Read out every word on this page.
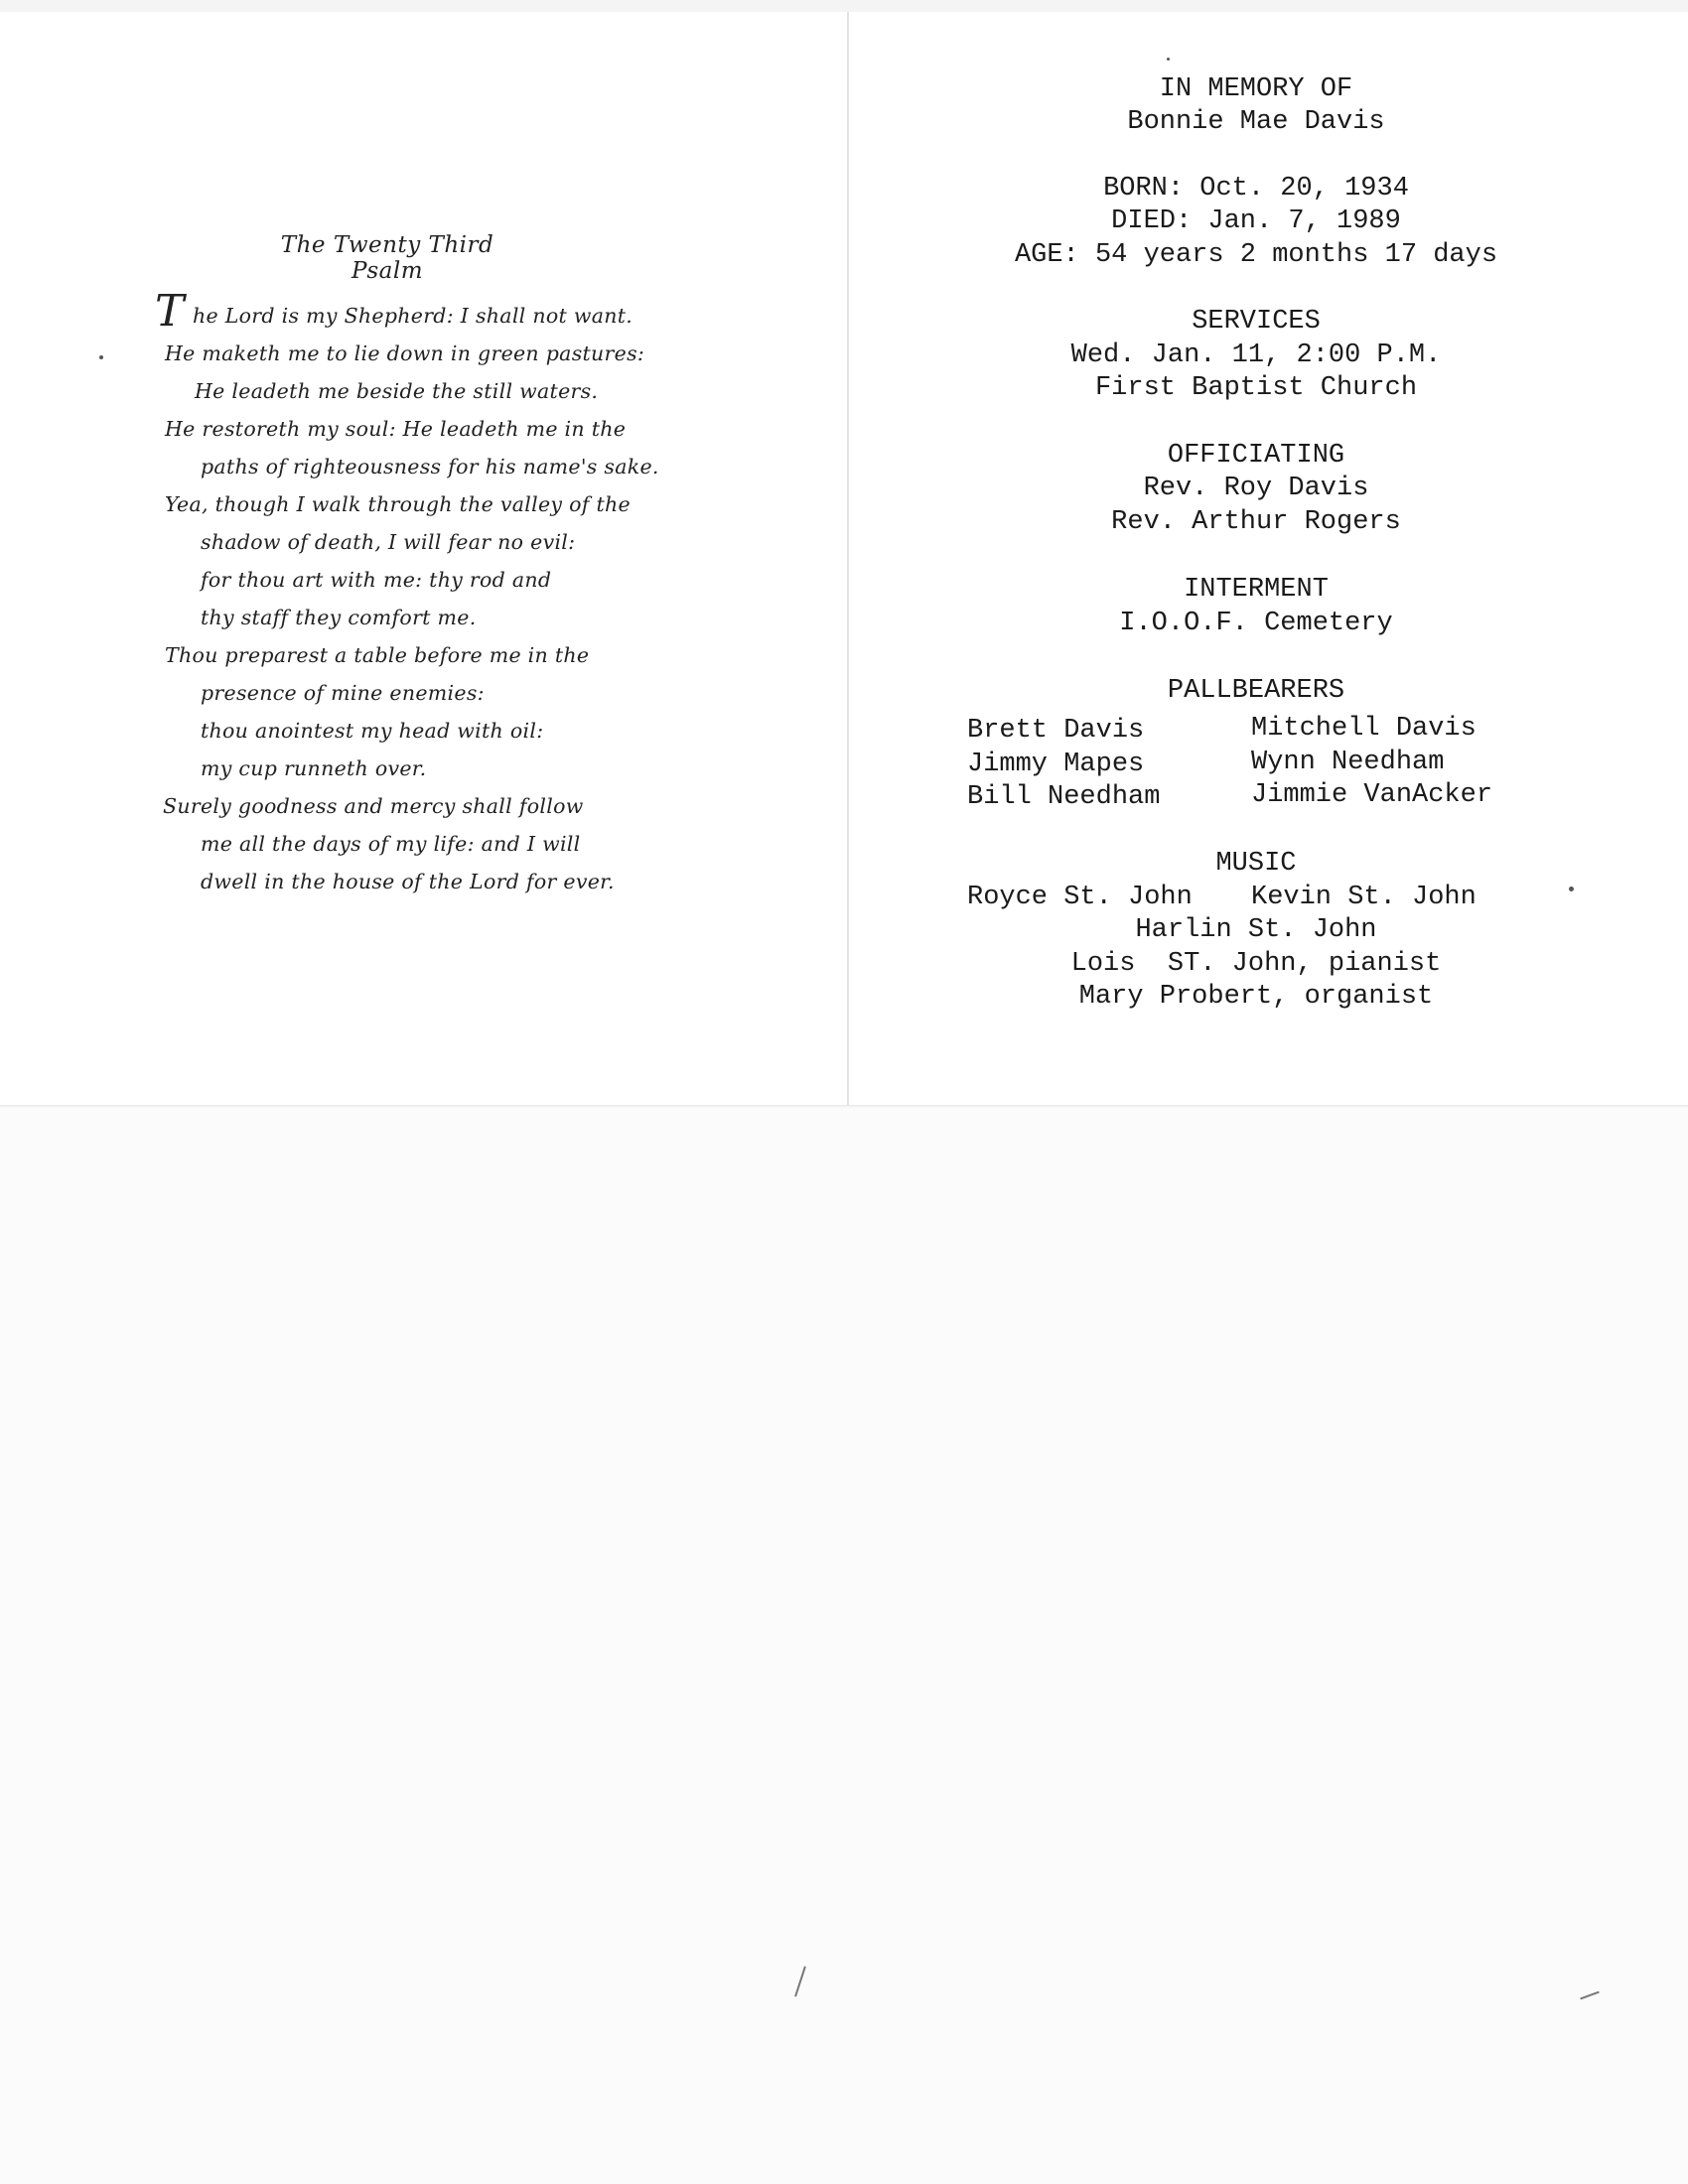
The Twenty Third Psalm
T he Lord is my Shepherd: I shall not want.
He maketh me to lie down in green pastures:
He leadeth me beside the still waters.
He restoreth my soul: He leadeth me in the
paths of righteousness for his name's sake.
Yea, though I walk through the valley of the
shadow of death, I will fear no evil:
for thou art with me: thy rod and
thy staff they comfort me.
Thou preparest a table before me in the
presence of mine enemies:
thou anointest my head with oil:
my cup runneth over.
Surely goodness and mercy shall follow
me all the days of my life: and I will
dwell in the house of the Lord for ever.
IN MEMORY OF
Bonnie Mae Davis
BORN: Oct. 20, 1934
DIED: Jan. 7, 1989
AGE: 54 years 2 months 17 days
SERVICES
Wed. Jan. 11, 2:00 P.M.
First Baptist Church
OFFICIATING
Rev. Roy Davis
Rev. Arthur Rogers
INTERMENT
I.O.O.F. Cemetery
PALLBEARERS
Brett Davis
Jimmy Mapes
Bill Needham
Mitchell Davis
Wynn Needham
Jimmie VanAcker
MUSIC
Royce St. John Kevin St. John
Harlin St. John
Lois  ST. John, pianist
Mary Probert, organist
